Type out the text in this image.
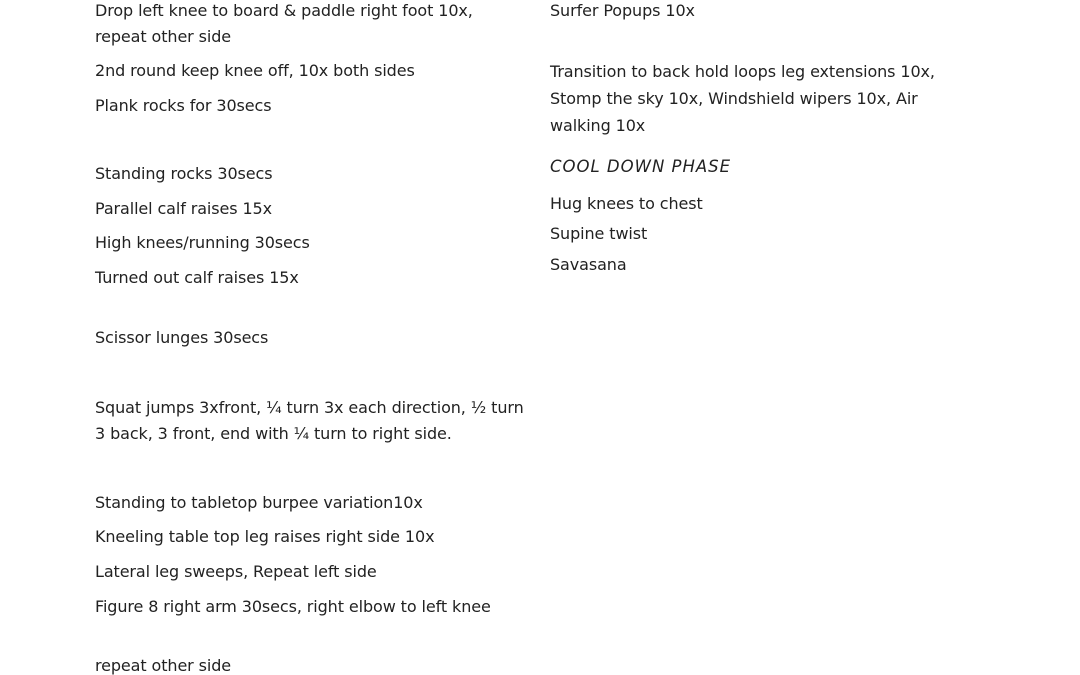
Drop left knee to board & paddle right foot 10x, repeat other side
2nd round keep knee off, 10x both sides
Plank rocks for 30secs
Standing rocks 30secs
Parallel calf raises 15x
High knees/running 30secs
Turned out calf raises 15x
Scissor lunges 30secs
Squat jumps 3xfront, ¼ turn 3x each direction, ½ turn 3 back, 3 front, end with ¼ turn to right side.
Standing to tabletop burpee variation10x
Kneeling table top leg raises right side 10x
Lateral leg sweeps, Repeat left side
Figure 8 right arm 30secs, right elbow to left knee
repeat other side
Surfer Popups 10x
Transition to back hold loops leg extensions 10x, Stomp the sky 10x, Windshield wipers 10x, Air walking 10x
COOL DOWN PHASE
Hug knees to chest
Supine twist
Savasana
